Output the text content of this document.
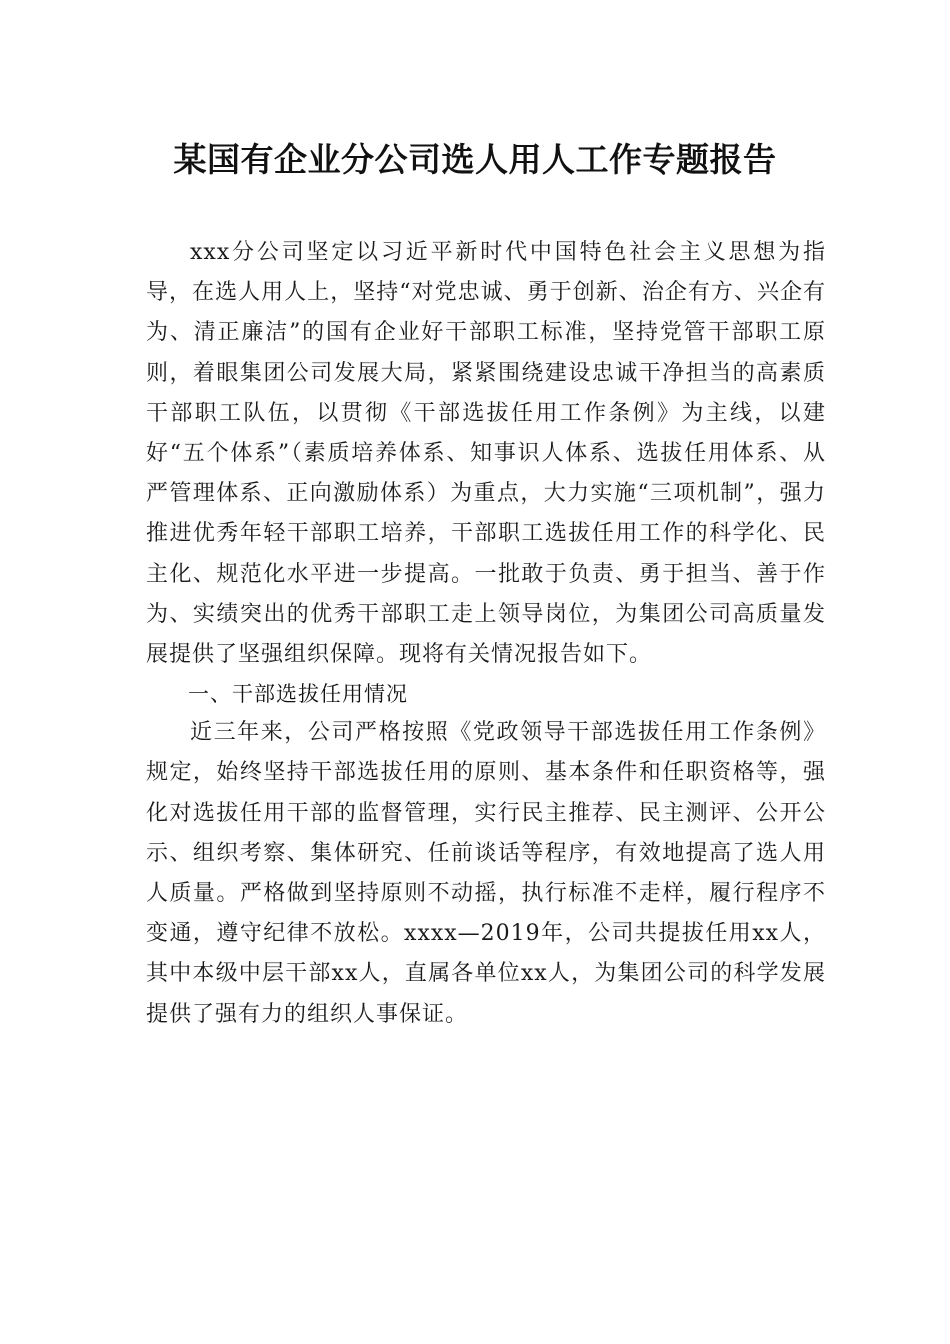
某国有企业分公司选人用人工作专题报告

xxx分公司坚定以习近平新时代中国特色社会主义思想为指导，在选人用人上，坚持“对党忠诚、勇于创新、治企有方、兴企有为、清正廉洁”的国有企业好干部职工标准，坚持党管干部职工原则，着眼集团公司发展大局，紧紧围绕建设忠诚干净担当的高素质干部职工队伍，以贯彻《干部选拔任用工作条例》为主线，以建好“五个体系”（素质培养体系、知事识人体系、选拔任用体系、从严管理体系、正向激励体系）为重点，大力实施“三项机制”，强力推进优秀年轻干部职工培养，干部职工选拔任用工作的科学化、民主化、规范化水平进一步提高。一批敢于负责、勇于担当、善于作为、实绩突出的优秀干部职工走上领导岗位，为集团公司高质量发展提供了坚强组织保障。现将有关情况报告如下。

一、干部选拔任用情况

近三年来，公司严格按照《党政领导干部选拔任用工作条例》规定，始终坚持干部选拔任用的原则、基本条件和任职资格等，强化对选拔任用干部的监督管理，实行民主推荐、民主测评、公开公示、组织考察、集体研究、任前谈话等程序，有效地提高了选人用人质量。严格做到坚持原则不动摇，执行标准不走样，履行程序不变通，遵守纪律不放松。xxxx—2019年，公司共提拔任用xx人，其中本级中层干部xx人，直属各单位xx人，为集团公司的科学发展提供了强有力的组织人事保证。
